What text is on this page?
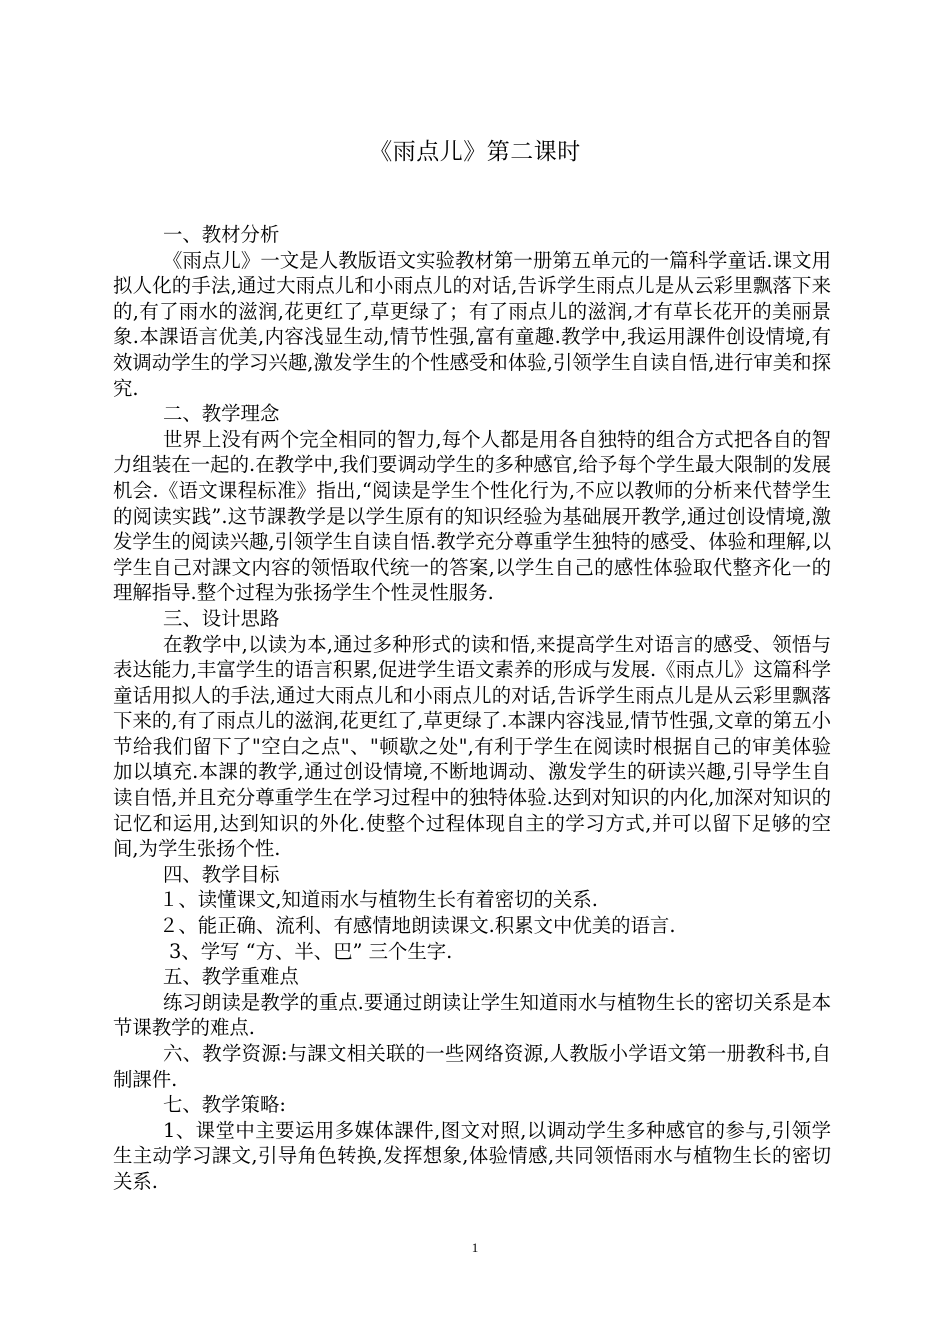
《雨点儿》第二课时

一、教材分析

《雨点儿》一文是人教版语文实验教材第一册第五单元的一篇科学童话.课文用拟人化的手法,通过大雨点儿和小雨点儿的对话,告诉学生雨点儿是从云彩里飘落下来的,有了雨水的滋润,花更红了,草更绿了；有了雨点儿的滋润,才有草长花开的美丽景象.本課语言优美,内容浅显生动,情节性强,富有童趣.教学中,我运用課件创设情境,有效调动学生的学习兴趣,激发学生的个性感受和体验,引领学生自读自悟,进行审美和探究.

二、教学理念

世界上没有两个完全相同的智力,每个人都是用各自独特的组合方式把各自的智力组装在一起的.在教学中,我们要调动学生的多种感官,给予每个学生最大限制的发展机会.《语文课程标准》指出,“阅读是学生个性化行为,不应以教师的分析来代替学生的阅读实践”.这节課教学是以学生原有的知识经验为基础展开教学,通过创设情境,激发学生的阅读兴趣,引领学生自读自悟.教学充分尊重学生独特的感受、体验和理解,以学生自己对課文内容的领悟取代统一的答案,以学生自己的感性体验取代整齐化一的理解指导.整个过程为张扬学生个性灵性服务.

三、设计思路

在教学中,以读为本,通过多种形式的读和悟,来提高学生对语言的感受、领悟与表达能力,丰富学生的语言积累,促进学生语文素养的形成与发展.《雨点儿》这篇科学童话用拟人的手法,通过大雨点儿和小雨点儿的对话,告诉学生雨点儿是从云彩里飘落下来的,有了雨点儿的滋润,花更红了,草更绿了.本課内容浅显,情节性强,文章的第五小节给我们留下了"空白之点"、"顿歇之处",有利于学生在阅读时根据自己的审美体验加以填充.本課的教学,通过创设情境,不断地调动、激发学生的研读兴趣,引导学生自读自悟,并且充分尊重学生在学习过程中的独特体验.达到对知识的内化,加深对知识的记忆和运用,达到知识的外化.使整个过程体现自主的学习方式,并可以留下足够的空间,为学生张扬个性.

四、教学目标

１、读懂课文,知道雨水与植物生长有着密切的关系.

２、能正确、流利、有感情地朗读课文.积累文中优美的语言.

3、学写 “方、半、巴” 三个生字.

五、教学重难点

练习朗读是教学的重点.要通过朗读让学生知道雨水与植物生长的密切关系是本节课教学的难点.

六、教学资源:与課文相关联的一些网络资源,人教版小学语文第一册教科书,自制課件.

七、教学策略:

1、课堂中主要运用多媒体課件,图文对照,以调动学生多种感官的参与,引领学生主动学习課文,引导角色转换,发挥想象,体验情感,共同领悟雨水与植物生长的密切关系.

1
